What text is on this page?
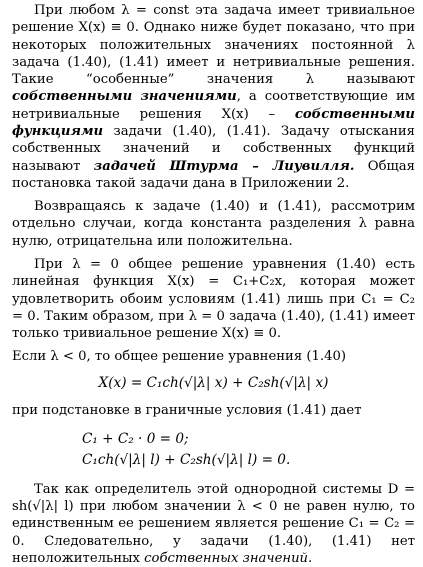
При любом λ = const эта задача имеет тривиальное решение X(x) ≡ 0. Однако ниже будет показано, что при некоторых положительных значениях постоянной λ задача (1.40), (1.41) имеет и нетривиальные решения. Такие “особенные” значения λ называют собственными значениями, а соответствующие им нетривиальные решения X(x) – собственными функциями задачи (1.40), (1.41). Задачу отыскания собственных значений и собственных функций называют задачей Штурма – Лиувилля. Общая постановка такой задачи дана в Приложении 2.

Возвращаясь к задаче (1.40) и (1.41), рассмотрим отдельно случаи, когда константа разделения λ равна нулю, отрицательна или положительна.

При λ = 0 общее решение уравнения (1.40) есть линейная функция X(x) = C₁+C₂x, которая может удовлетворить обоим условиям (1.41) лишь при C₁ = C₂ = 0. Таким образом, при λ = 0 задача (1.40), (1.41) имеет только тривиальное решение X(x) ≡ 0.

Если λ < 0, то общее решение уравнения (1.40)

X(x) = C₁ch(√|λ| x) + C₂sh(√|λ| x)

при подстановке в граничные условия (1.41) дает

C₁ + C₂ · 0 = 0;
C₁ch(√|λ| l) + C₂sh(√|λ| l) = 0.

Так как определитель этой однородной системы D = sh(√|λ| l) при любом значении λ < 0 не равен нулю, то единственным ее решением является решение C₁ = C₂ = 0. Следовательно, у задачи (1.40), (1.41) нет неположительных собственных значений.
